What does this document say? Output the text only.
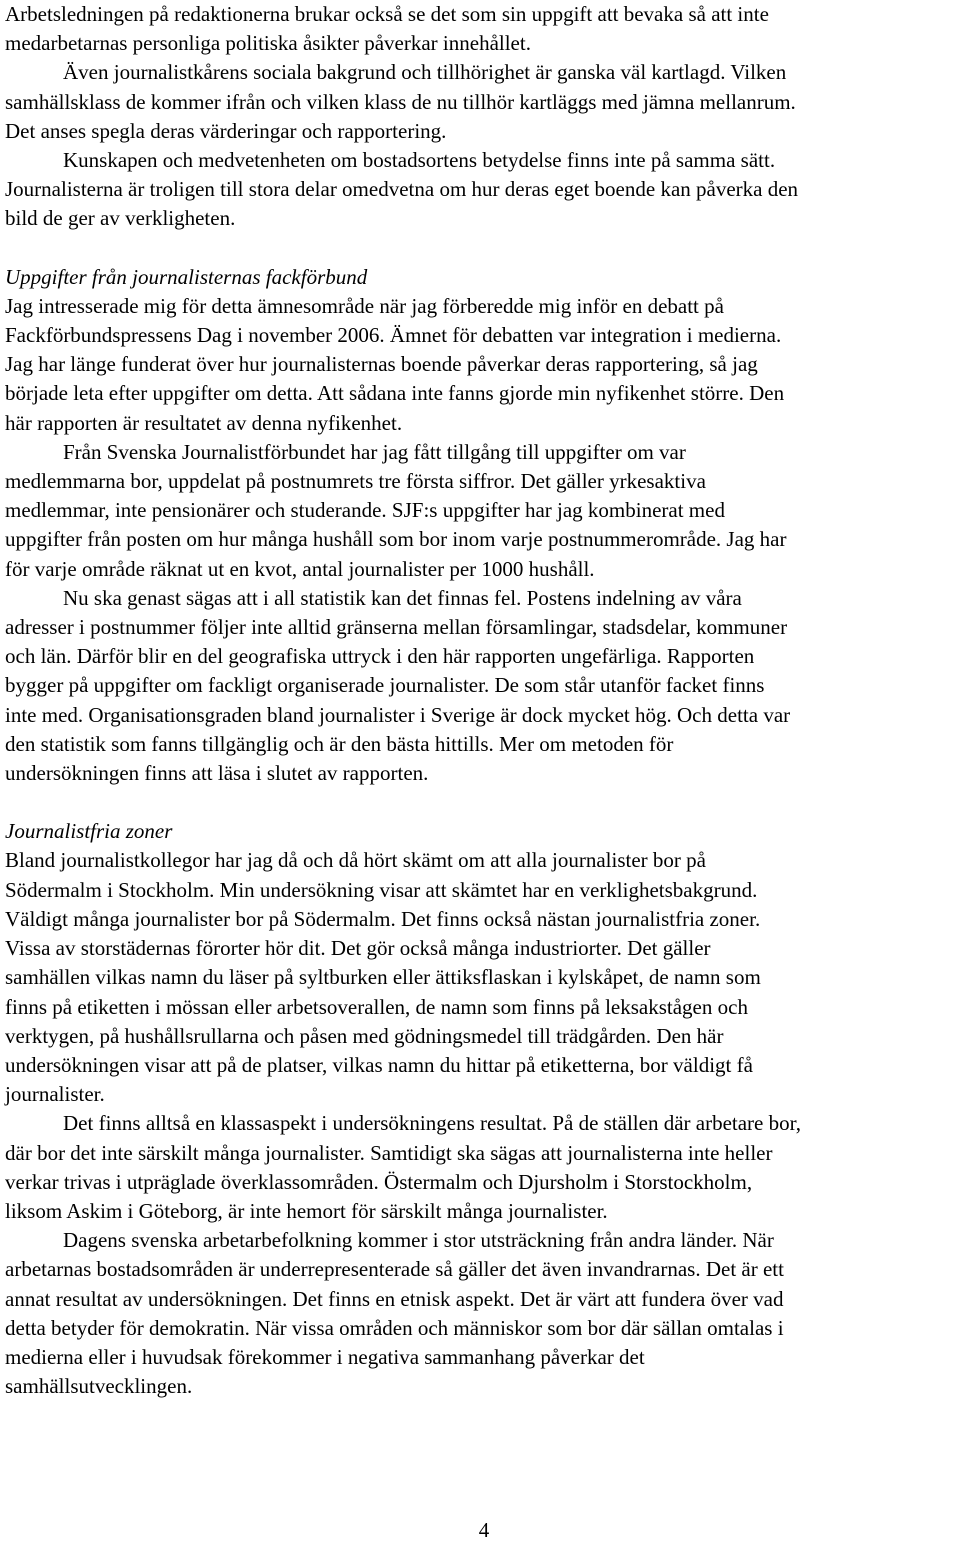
Arbetsledningen på redaktionerna brukar också se det som sin uppgift att bevaka så att inte
medarbetarnas personliga politiska åsikter påverkar innehållet.
Även journalistkårens sociala bakgrund och tillhörighet är ganska väl kartlagd. Vilken
samhällsklass de kommer ifrån och vilken klass de nu tillhör kartläggs med jämna mellanrum.
Det anses spegla deras värderingar och rapportering.
Kunskapen och medvetenheten om bostadsortens betydelse finns inte på samma sätt.
Journalisterna är troligen till stora delar omedvetna om hur deras eget boende kan påverka den
bild de ger av verkligheten.
Uppgifter från journalisternas fackförbund
Jag intresserade mig för detta ämnesområde när jag förberedde mig inför en debatt på
Fackförbundspressens Dag i november 2006. Ämnet för debatten var integration i medierna.
Jag har länge funderat över hur journalisternas boende påverkar deras rapportering, så jag
började leta efter uppgifter om detta. Att sådana inte fanns gjorde min nyfikenhet större. Den
här rapporten är resultatet av denna nyfikenhet.
Från Svenska Journalistförbundet har jag fått tillgång till uppgifter om var
medlemmarna bor, uppdelat på postnumrets tre första siffror. Det gäller yrkesaktiva
medlemmar, inte pensionärer och studerande. SJF:s uppgifter har jag kombinerat med
uppgifter från posten om hur många hushåll som bor inom varje postnummerområde. Jag har
för varje område räknat ut en kvot, antal journalister per 1000 hushåll.
Nu ska genast sägas att i all statistik kan det finnas fel. Postens indelning av våra
adresser i postnummer följer inte alltid gränserna mellan församlingar, stadsdelar, kommuner
och län. Därför blir en del geografiska uttryck i den här rapporten ungefärliga. Rapporten
bygger på uppgifter om fackligt organiserade journalister. De som står utanför facket finns
inte med. Organisationsgraden bland journalister i Sverige är dock mycket hög. Och detta var
den statistik som fanns tillgänglig och är den bästa hittills. Mer om metoden för
undersökningen finns att läsa i slutet av rapporten.
Journalistfria zoner
Bland journalistkollegor har jag då och då hört skämt om att alla journalister bor på
Södermalm i Stockholm. Min undersökning visar att skämtet har en verklighetsbakgrund.
Väldigt många journalister bor på Södermalm. Det finns också nästan journalistfria zoner.
Vissa av storstädernas förorter hör dit. Det gör också många industriorter. Det gäller
samhällen vilkas namn du läser på syltburken eller ättiksflaskan i kylskåpet, de namn som
finns på etiketten i mössan eller arbetsoverallen, de namn som finns på leksakstågen och
verktygen, på hushållsrullarna och påsen med gödningsmedel till trädgården. Den här
undersökningen visar att på de platser, vilkas namn du hittar på etiketterna, bor väldigt få
journalister.
Det finns alltså en klassaspekt i undersökningens resultat. På de ställen där arbetare bor,
där bor det inte särskilt många journalister. Samtidigt ska sägas att journalisterna inte heller
verkar trivas i utpräglade överklassområden. Östermalm och Djursholm i Storstockholm,
liksom Askim i Göteborg, är inte hemort för särskilt många journalister.
Dagens svenska arbetarbefolkning kommer i stor utsträckning från andra länder. När
arbetarnas bostadsområden är underrepresenterade så gäller det även invandrarnas. Det är ett
annat resultat av undersökningen. Det finns en etnisk aspekt. Det är värt att fundera över vad
detta betyder för demokratin. När vissa områden och människor som bor där sällan omtalas i
medierna eller i huvudsak förekommer i negativa sammanhang påverkar det
samhällsutvecklingen.
4
